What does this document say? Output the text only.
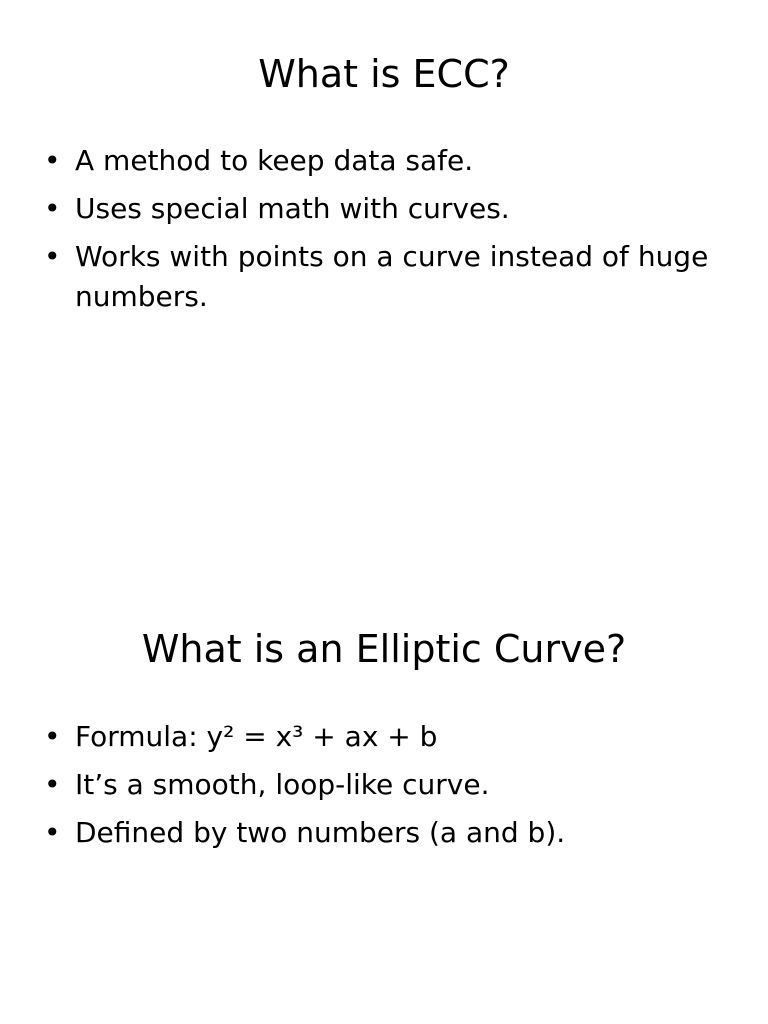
What is ECC?
• A method to keep data safe.
• Uses special math with curves.
• Works with points on a curve instead of huge numbers.
What is an Elliptic Curve?
• Formula: y² = x³ + ax + b
• It’s a smooth, loop-like curve.
• Defined by two numbers (a and b).
